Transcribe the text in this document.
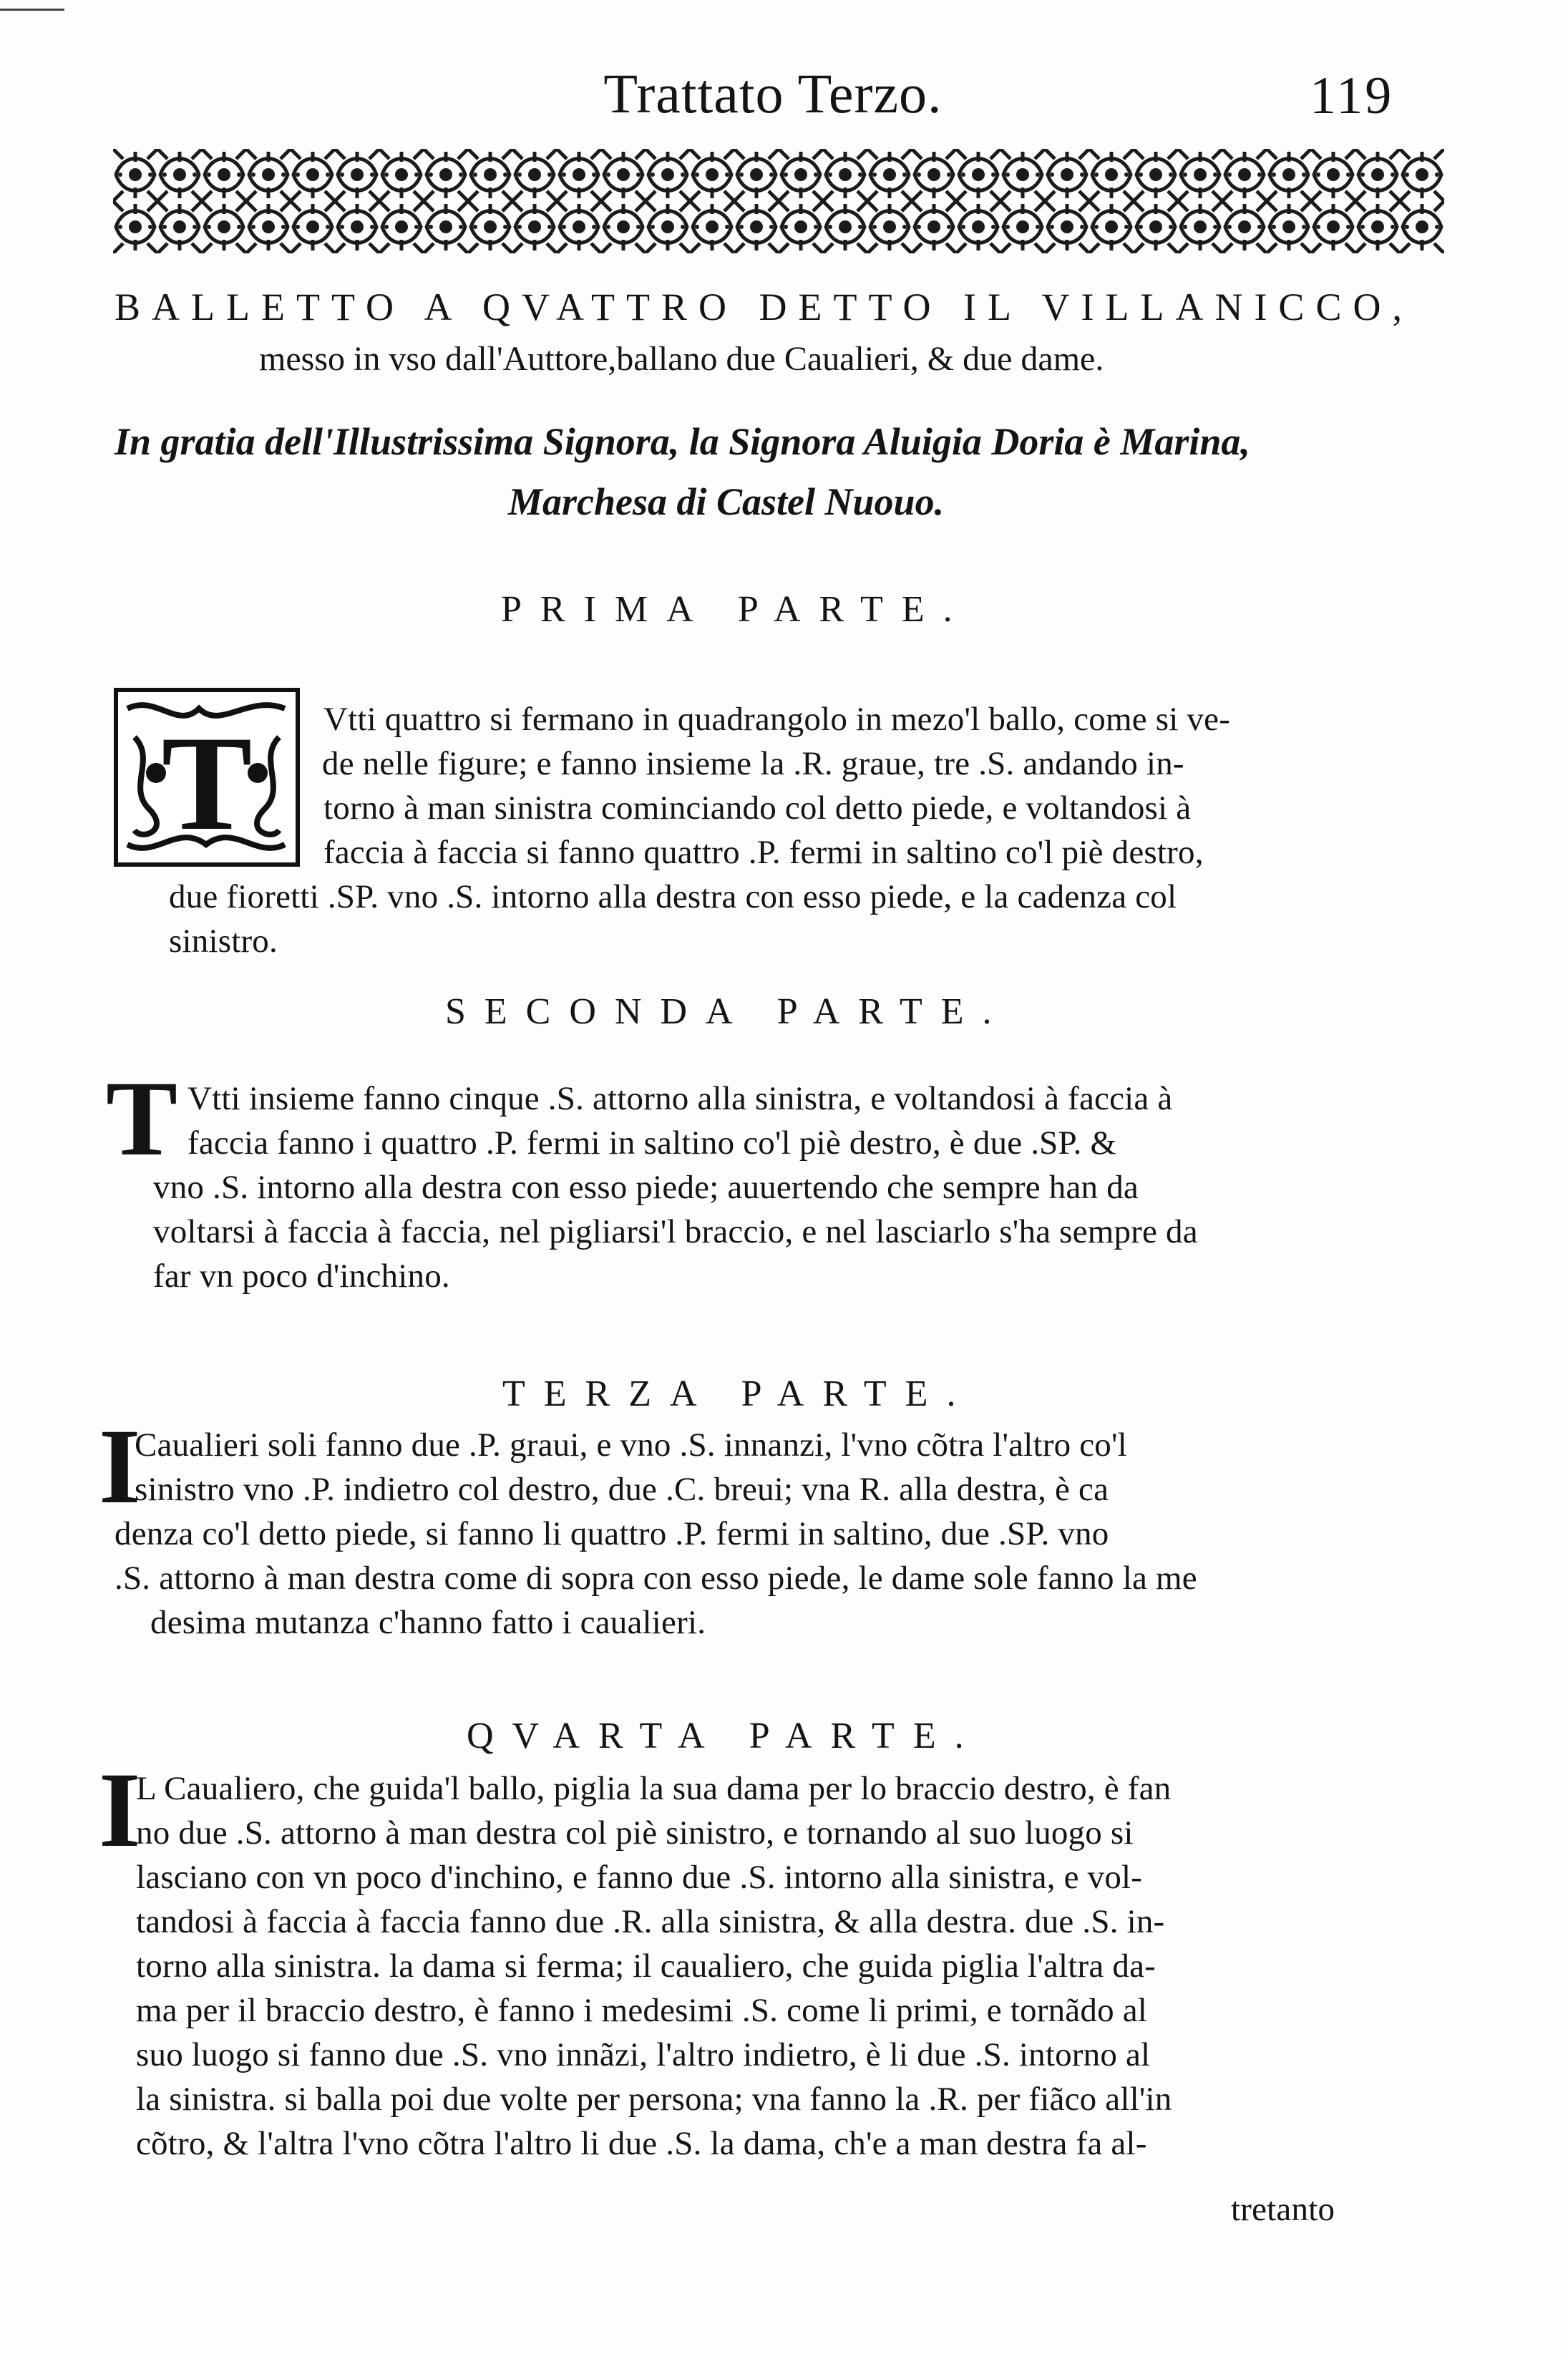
Trattato Terzo.	119
BALLETTO A QVATTRO DETTO IL VILLANICCO,
messo in vso dall'Auttore,ballano due Caualieri, & due dame.
In gratia dell'Illustrissima Signora, la Signora Aluigia Doria è Marina,
Marchesa di Castel Nuouo.
PRIMA PARTE.
T Vtti quattro si fermano in quadrangolo in mezo'l ballo, come si ve-
de nelle figure; e fanno insieme la .R. graue, tre .S. andando in-
torno à man sinistra cominciando col detto piede, e voltandosi à
faccia à faccia si fanno quattro .P. fermi in saltino co'l piè destro,
due fioretti .SP. vno .S. intorno alla destra con esso piede, e la cadenza col
sinistro.
SECONDA PARTE.
T Vtti insieme fanno cinque .S. attorno alla sinistra, e voltandosi à faccia à
faccia fanno i quattro .P. fermi in saltino co'l piè destro, è due .SP. &
vno .S. intorno alla destra con esso piede; auuertendo che sempre han da
voltarsi à faccia à faccia, nel pigliarsi'l braccio, e nel lasciarlo s'ha sempre da
far vn poco d'inchino.
TERZA PARTE.
I
Caualieri soli fanno due .P. graui, e vno .S. innanzi, l'vno cõtra l'altro co'l
sinistro vno .P. indietro col destro, due .C. breui; vna R. alla destra, è ca
denza co'l detto piede, si fanno li quattro .P. fermi in saltino, due .SP. vno
.S. attorno à man destra come di sopra con esso piede, le dame sole fanno la me
desima mutanza c'hanno fatto i caualieri.
QVARTA PARTE.
I
L Caualiero, che guida'l ballo, piglia la sua dama per lo braccio destro, è fan
no due .S. attorno à man destra col piè sinistro, e tornando al suo luogo si
lasciano con vn poco d'inchino, e fanno due .S. intorno alla sinistra, e vol-
tandosi à faccia à faccia fanno due .R. alla sinistra, & alla destra. due .S. in-
torno alla sinistra. la dama si ferma; il caualiero, che guida piglia l'altra da-
ma per il braccio destro, è fanno i medesimi .S. come li primi, e tornãdo al
suo luogo si fanno due .S. vno innãzi, l'altro indietro, è li due .S. intorno al
la sinistra. si balla poi due volte per persona; vna fanno la .R. per fiãco all'in
cõtro, & l'altra l'vno cõtra l'altro li due .S. la dama, ch'e a man destra fa al-
tretanto
